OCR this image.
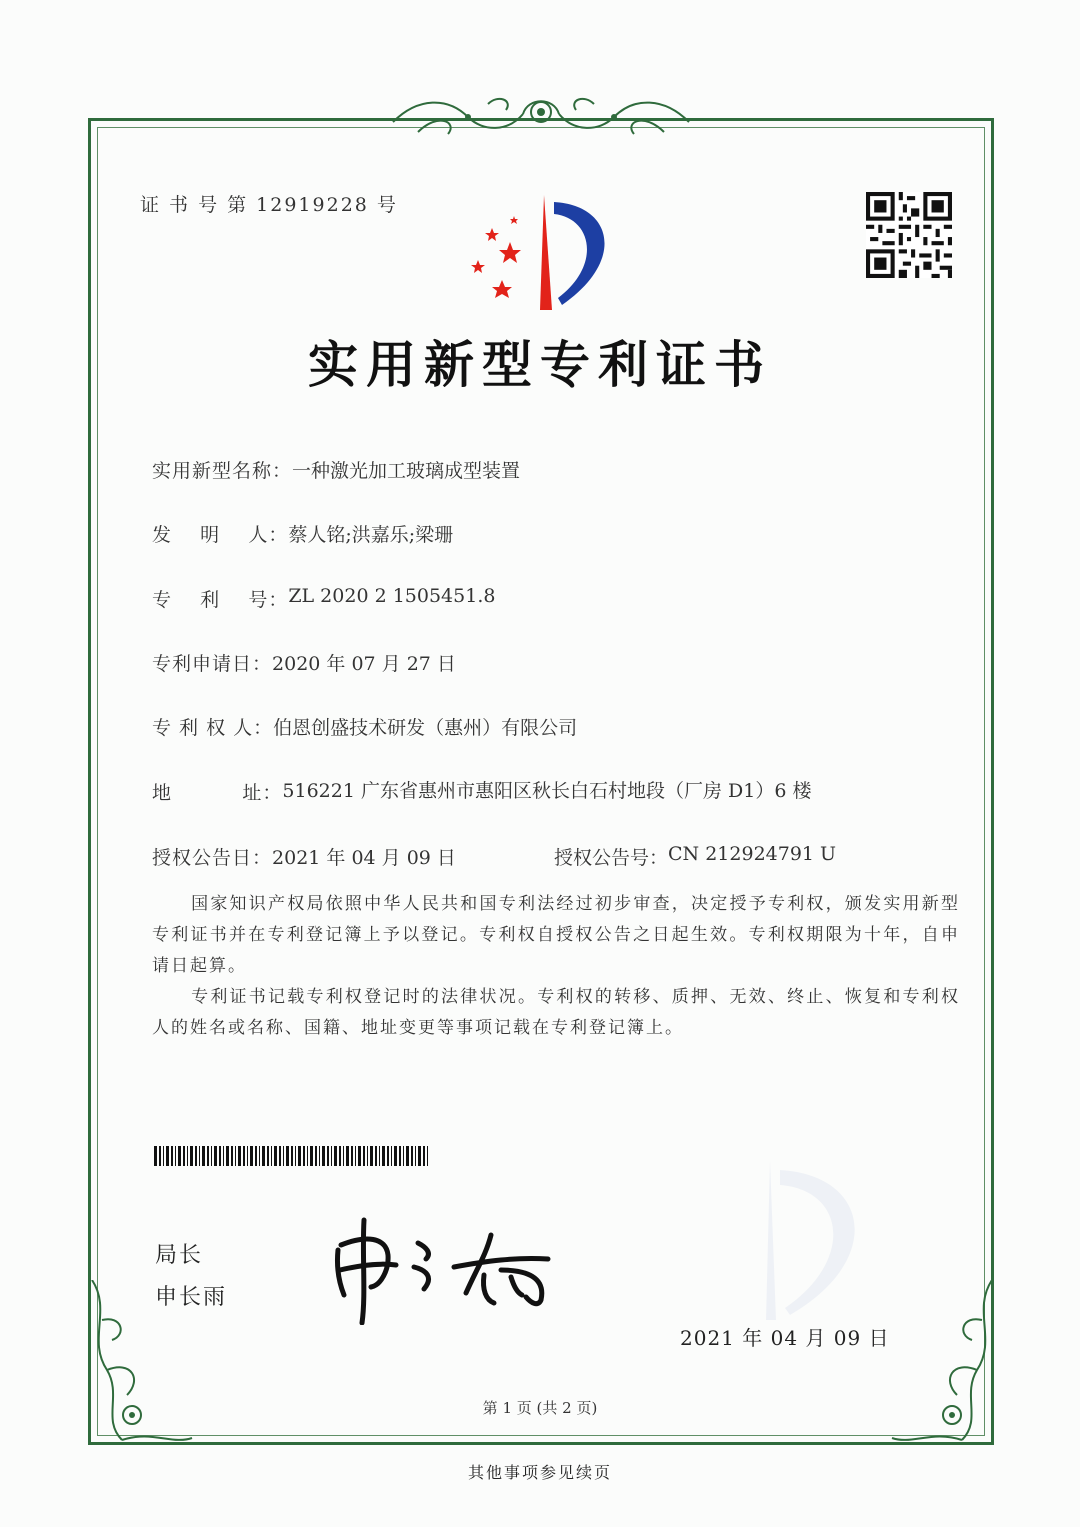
证 书 号 第 12919228 号
实用新型专利证书
实用新型名称： 一种激光加工玻璃成型装置
发    明    人： 蔡人铭;洪嘉乐;梁珊
专    利    号： ZL 2020 2 1505451.8
专利申请日： 2020 年 07 月 27 日
专 利 权 人： 伯恩创盛技术研发（惠州）有限公司
地          址： 516221 广东省惠州市惠阳区秋长白石村地段（厂房 D1）6 楼
授权公告日： 2021 年 04 月 09 日	授权公告号： CN 212924791 U

国家知识产权局依照中华人民共和国专利法经过初步审查，决定授予专利权，颁发实用新型专利证书并在专利登记簿上予以登记。专利权自授权公告之日起生效。专利权期限为十年，自申请日起算。

专利证书记载专利权登记时的法律状况。专利权的转移、质押、无效、终止、恢复和专利权人的姓名或名称、国籍、地址变更等事项记载在专利登记簿上。

局长
申长雨
2021 年 04 月 09 日
第 1 页 (共 2 页)
其他事项参见续页
